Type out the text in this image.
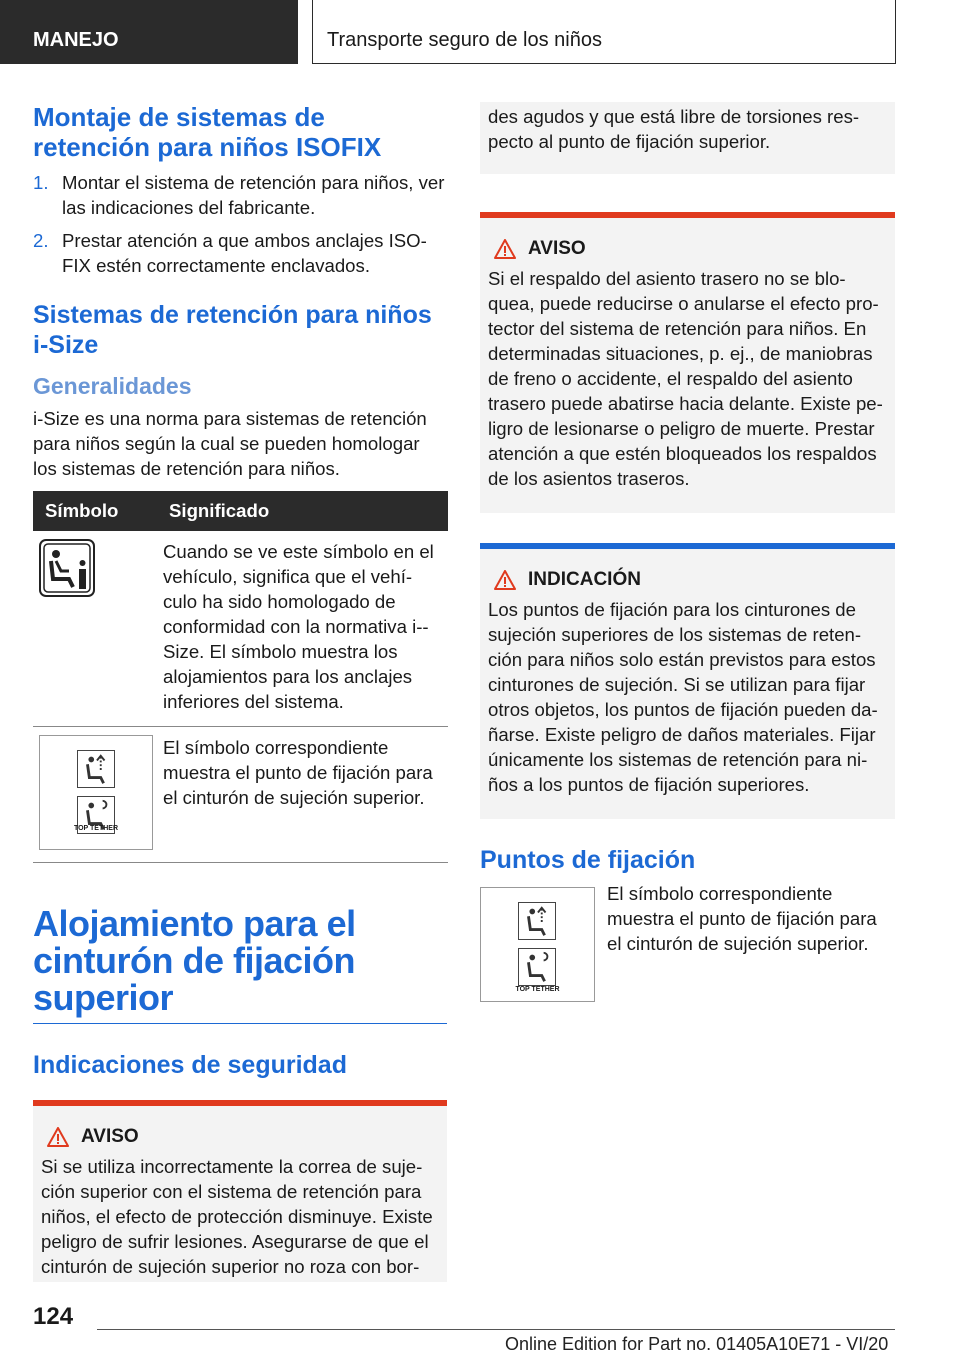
MANEJO	Transporte seguro de los niños
Montaje de sistemas de retención para niños ISOFIX
1. Montar el sistema de retención para niños, ver las indicaciones del fabricante.
2. Prestar atención a que ambos anclajes ISO-FIX estén correctamente enclavados.
Sistemas de retención para niños i-Size
Generalidades

i-Size es una norma para sistemas de retención para niños según la cual se pueden homologar los sistemas de retención para niños.

Símbolo	Significado
	Cuando se ve este símbolo en el vehículo, significa que el vehí-culo ha sido homologado de conformidad con la normativa i--Size. El símbolo muestra los alojamientos para los anclajes inferiores del sistema.

TOP TETHER	El símbolo correspondiente muestra el punto de fijación para el cinturón de sujeción superior.
Alojamiento para el cinturón de fijación superior
Indicaciones de seguridad
AVISO

Si se utiliza incorrectamente la correa de suje-ción superior con el sistema de retención para niños, el efecto de protección disminuye. Existe peligro de sufrir lesiones. Asegurarse de que el cinturón de sujeción superior no roza con bor-

des agudos y que está libre de torsiones res-pecto al punto de fijación superior.

AVISO

Si el respaldo del asiento trasero no se blo-quea, puede reducirse o anularse el efecto pro-tector del sistema de retención para niños. En determinadas situaciones, p. ej., de maniobras de freno o accidente, el respaldo del asiento trasero puede abatirse hacia delante. Existe pe-ligro de lesionarse o peligro de muerte. Prestar atención a que estén bloqueados los respaldos de los asientos traseros.

INDICACIÓN

Los puntos de fijación para los cinturones de sujeción superiores de los sistemas de reten-ción para niños solo están previstos para estos cinturones de sujeción. Si se utilizan para fijar otros objetos, los puntos de fijación pueden da-ñarse. Existe peligro de daños materiales. Fijar únicamente los sistemas de retención para ni-ños a los puntos de fijación superiores.

Puntos de fijación
TOP TETHER

El símbolo correspondiente muestra el punto de fijación para el cinturón de sujeción superior.

124
Online Edition for Part no. 01405A10E71 - VI/20
